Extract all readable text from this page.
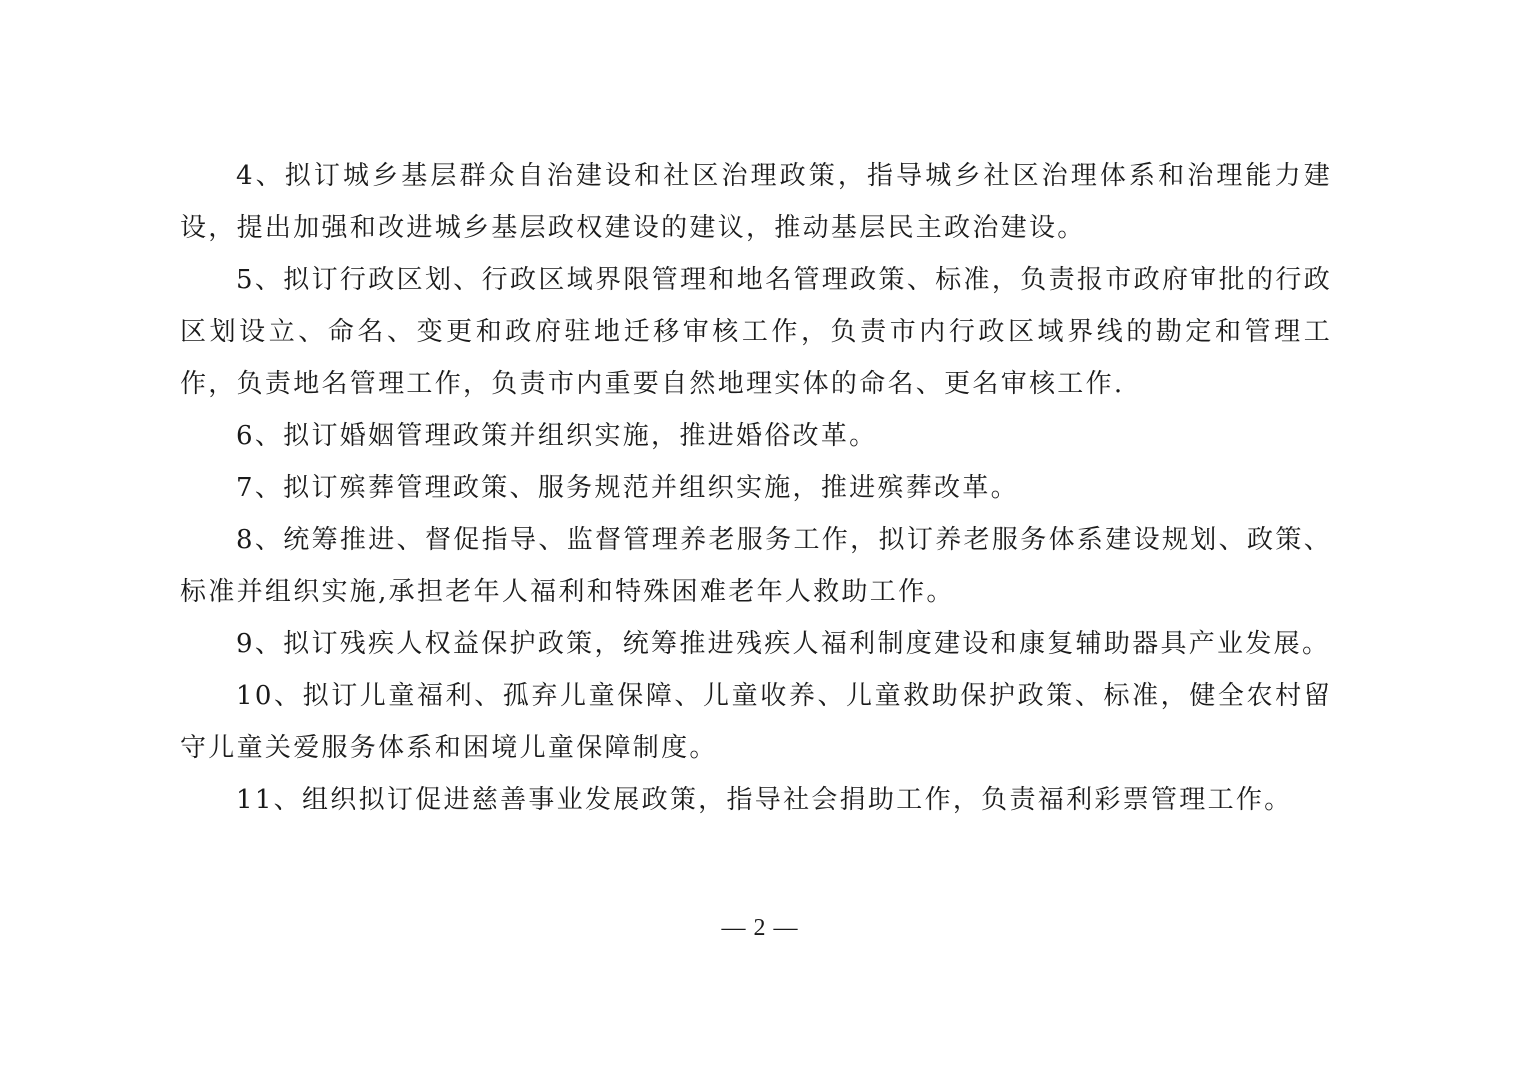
4、拟订城乡基层群众自治建设和社区治理政策，指导城乡社区治理体系和治理能力建设，提出加强和改进城乡基层政权建设的建议，推动基层民主政治建设。

5、拟订行政区划、行政区域界限管理和地名管理政策、标准，负责报市政府审批的行政区划设立、命名、变更和政府驻地迁移审核工作，负责市内行政区域界线的勘定和管理工作，负责地名管理工作，负责市内重要自然地理实体的命名、更名审核工作.

6、拟订婚姻管理政策并组织实施，推进婚俗改革。

7、拟订殡葬管理政策、服务规范并组织实施，推进殡葬改革。

8、统筹推进、督促指导、监督管理养老服务工作，拟订养老服务体系建设规划、政策、标准并组织实施,承担老年人福利和特殊困难老年人救助工作。

9、拟订残疾人权益保护政策，统筹推进残疾人福利制度建设和康复辅助器具产业发展。

10、拟订儿童福利、孤弃儿童保障、儿童收养、儿童救助保护政策、标准，健全农村留守儿童关爱服务体系和困境儿童保障制度。

11、组织拟订促进慈善事业发展政策，指导社会捐助工作，负责福利彩票管理工作。

— 2 —
